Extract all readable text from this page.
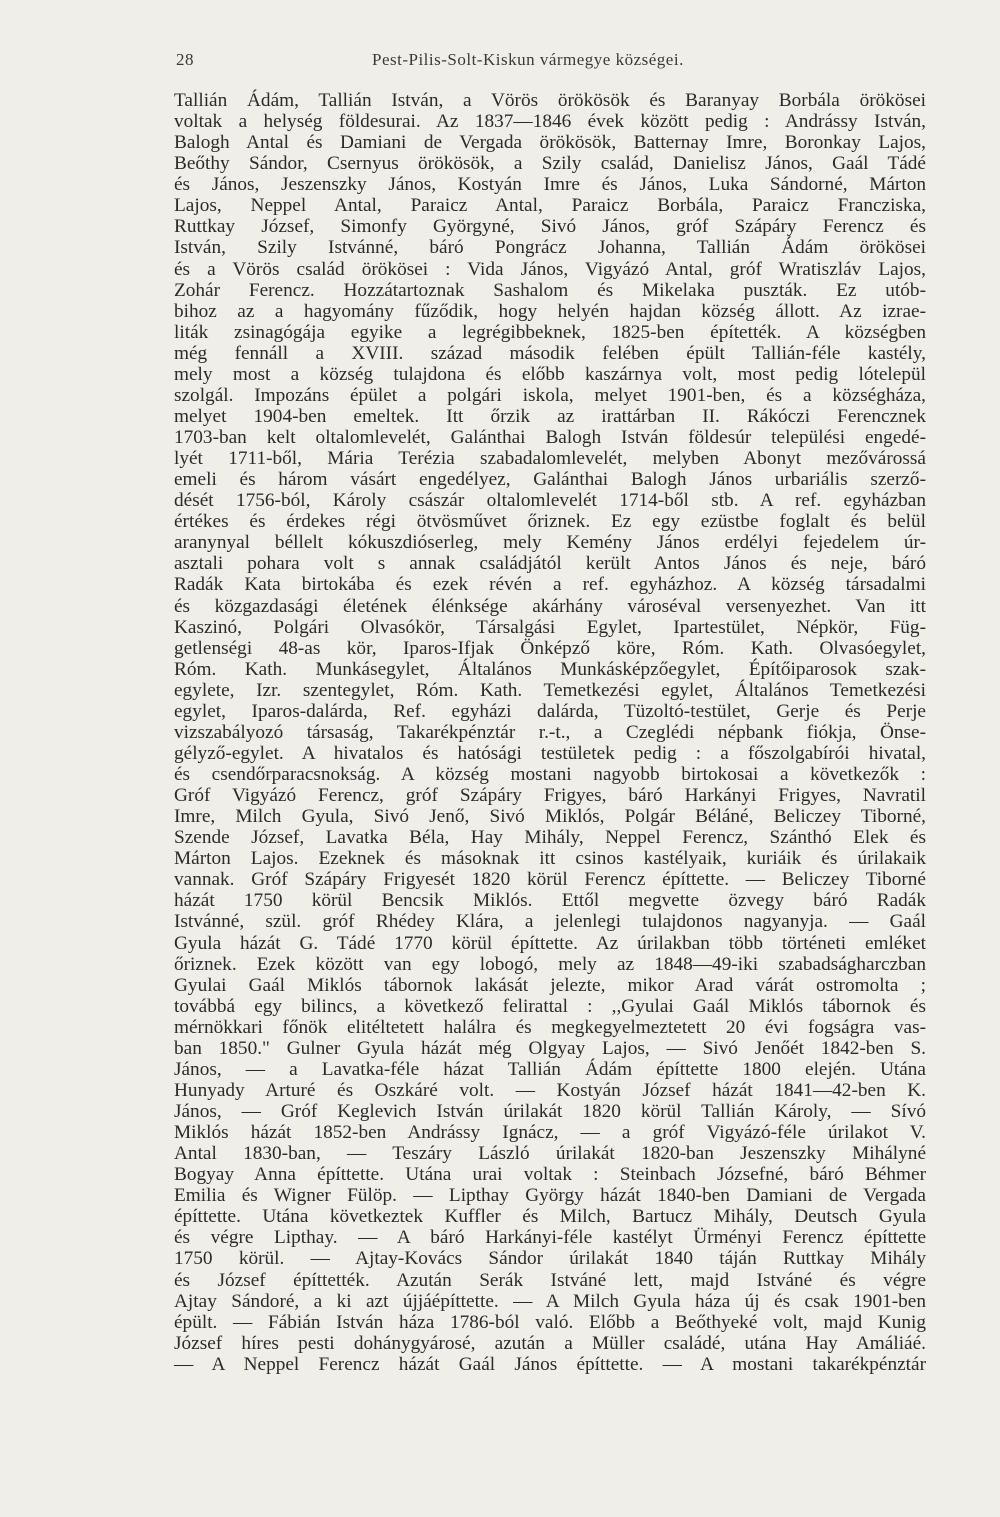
28	Pest-Pilis-Solt-Kiskun vármegye községei.
Tallián Ádám, Tallián István, a Vörös örökösök és Baranyay Borbála örökösei
voltak a helység földesurai. Az 1837—1846 évek között pedig : Andrássy István,
Balogh Antal és Damiani de Vergada örökösök, Batternay Imre, Boronkay Lajos,
Beőthy Sándor, Csernyus örökösök, a Szily család, Danielisz János, Gaál Tádé
és János, Jeszenszky János, Kostyán Imre és János, Luka Sándorné, Márton
Lajos, Neppel Antal, Paraicz Antal, Paraicz Borbála, Paraicz Francziska,
Ruttkay József, Simonfy Györgyné, Sivó János, gróf Szápáry Ferencz és
István, Szily Istvánné, báró Pongrácz Johanna, Tallián Ádám örökösei
és a Vörös család örökösei : Vida János, Vigyázó Antal, gróf Wratiszláv Lajos,
Zohár Ferencz. Hozzátartoznak Sashalom és Mikelaka puszták. Ez utób-
bihoz az a hagyomány fűződik, hogy helyén hajdan község állott. Az izrae-
liták zsinagógája egyike a legrégibbeknek, 1825-ben építették. A községben
még fennáll a XVIII. század második felében épült Tallián-féle kastély,
mely most a község tulajdona és előbb kaszárnya volt, most pedig lótelepül
szolgál. Impozáns épület a polgári iskola, melyet 1901-ben, és a községháza,
melyet 1904-ben emeltek. Itt őrzik az irattárban II. Rákóczi Ferencznek
1703-ban kelt oltalomlevelét, Galánthai Balogh István földesúr települési engedé-
lyét 1711-ből, Mária Terézia szabadalomlevelét, melyben Abonyt mezővárossá
emeli és három vásárt engedélyez, Galánthai Balogh János urbariális szerző-
dését 1756-ból, Károly császár oltalomlevelét 1714-ből stb. A ref. egyházban
értékes és érdekes régi ötvösművet őriznek. Ez egy ezüstbe foglalt és belül
aranynyal béllelt kókuszdióserleg, mely Kemény János erdélyi fejedelem úr-
asztali pohara volt s annak családjától került Antos János és neje, báró
Radák Kata birtokába és ezek révén a ref. egyházhoz. A község társadalmi
és közgazdasági életének élénksége akárhány városéval versenyezhet. Van itt
Kaszinó, Polgári Olvasókör, Társalgási Egylet, Ipartestület, Népkör, Füg-
getlenségi 48-as kör, Iparos-Ifjak Önképző köre, Róm. Kath. Olvasóegylet,
Róm. Kath. Munkásegylet, Általános Munkásképzőegylet, Építőiparosok szak-
egylete, Izr. szentegylet, Róm. Kath. Temetkezési egylet, Általános Temetkezési
egylet, Iparos-dalárda, Ref. egyházi dalárda, Tüzoltó-testület, Gerje és Perje
vizszabályozó társaság, Takarékpénztár r.-t., a Czeglédi népbank fiókja, Önse-
gélyző-egylet. A hivatalos és hatósági testületek pedig : a főszolgabírói hivatal,
és csendőrparacsnokság. A község mostani nagyobb birtokosai a következők :
Gróf Vigyázó Ferencz, gróf Szápáry Frigyes, báró Harkányi Frigyes, Navratil
Imre, Milch Gyula, Sivó Jenő, Sivó Miklós, Polgár Béláné, Beliczey Tiborné,
Szende József, Lavatka Béla, Hay Mihály, Neppel Ferencz, Szánthó Elek és
Márton Lajos. Ezeknek és másoknak itt csinos kastélyaik, kuriáik és úrilakaik
vannak. Gróf Szápáry Frigyesét 1820 körül Ferencz építtette. — Beliczey Tiborné
házát 1750 körül Bencsik Miklós. Ettől megvette özvegy báró Radák
Istvánné, szül. gróf Rhédey Klára, a jelenlegi tulajdonos nagyanyja. — Gaál
Gyula házát G. Tádé 1770 körül építtette. Az úrilakban több történeti emléket
őriznek. Ezek között van egy lobogó, mely az 1848—49-iki szabadságharczban
Gyulai Gaál Miklós tábornok lakását jelezte, mikor Arad várát ostromolta ;
továbbá egy bilincs, a következő felirattal : ,,Gyulai Gaál Miklós tábornok és
mérnökkari főnök elitéltetett halálra és megkegyelmeztetett 20 évi fogságra vas-
ban 1850." Gulner Gyula házát még Olgyay Lajos, — Sivó Jenőét 1842-ben S.
János, — a Lavatka-féle házat Tallián Ádám építtette 1800 elején. Utána
Hunyady Arturé és Oszkáré volt. — Kostyán József házát 1841—42-ben K.
János, — Gróf Keglevich István úrilakát 1820 körül Tallián Károly, — Sívó
Miklós házát 1852-ben Andrássy Ignácz, — a gróf Vigyázó-féle úrilakot V.
Antal 1830-ban, — Teszáry László úrilakát 1820-ban Jeszenszky Mihályné
Bogyay Anna építtette. Utána urai voltak : Steinbach Józsefné, báró Béhmer
Emilia és Wigner Fülöp. — Lipthay György házát 1840-ben Damiani de Vergada
építtette. Utána következtek Kuffler és Milch, Bartucz Mihály, Deutsch Gyula
és végre Lipthay. — A báró Harkányi-féle kastélyt Ürményi Ferencz építtette
1750 körül. — Ajtay-Kovács Sándor úrilakát 1840 táján Ruttkay Mihály
és József építtették. Azután Serák Istváné lett, majd Istváné és végre
Ajtay Sándoré, a ki azt újjáépíttette. — A Milch Gyula háza új és csak 1901-ben
épült. — Fábián István háza 1786-ból való. Előbb a Beőthyeké volt, majd Kunig
József híres pesti dohánygyárosé, azután a Müller családé, utána Hay Amáliáé.
— A Neppel Ferencz házát Gaál János építtette. — A mostani takarékpénztár
